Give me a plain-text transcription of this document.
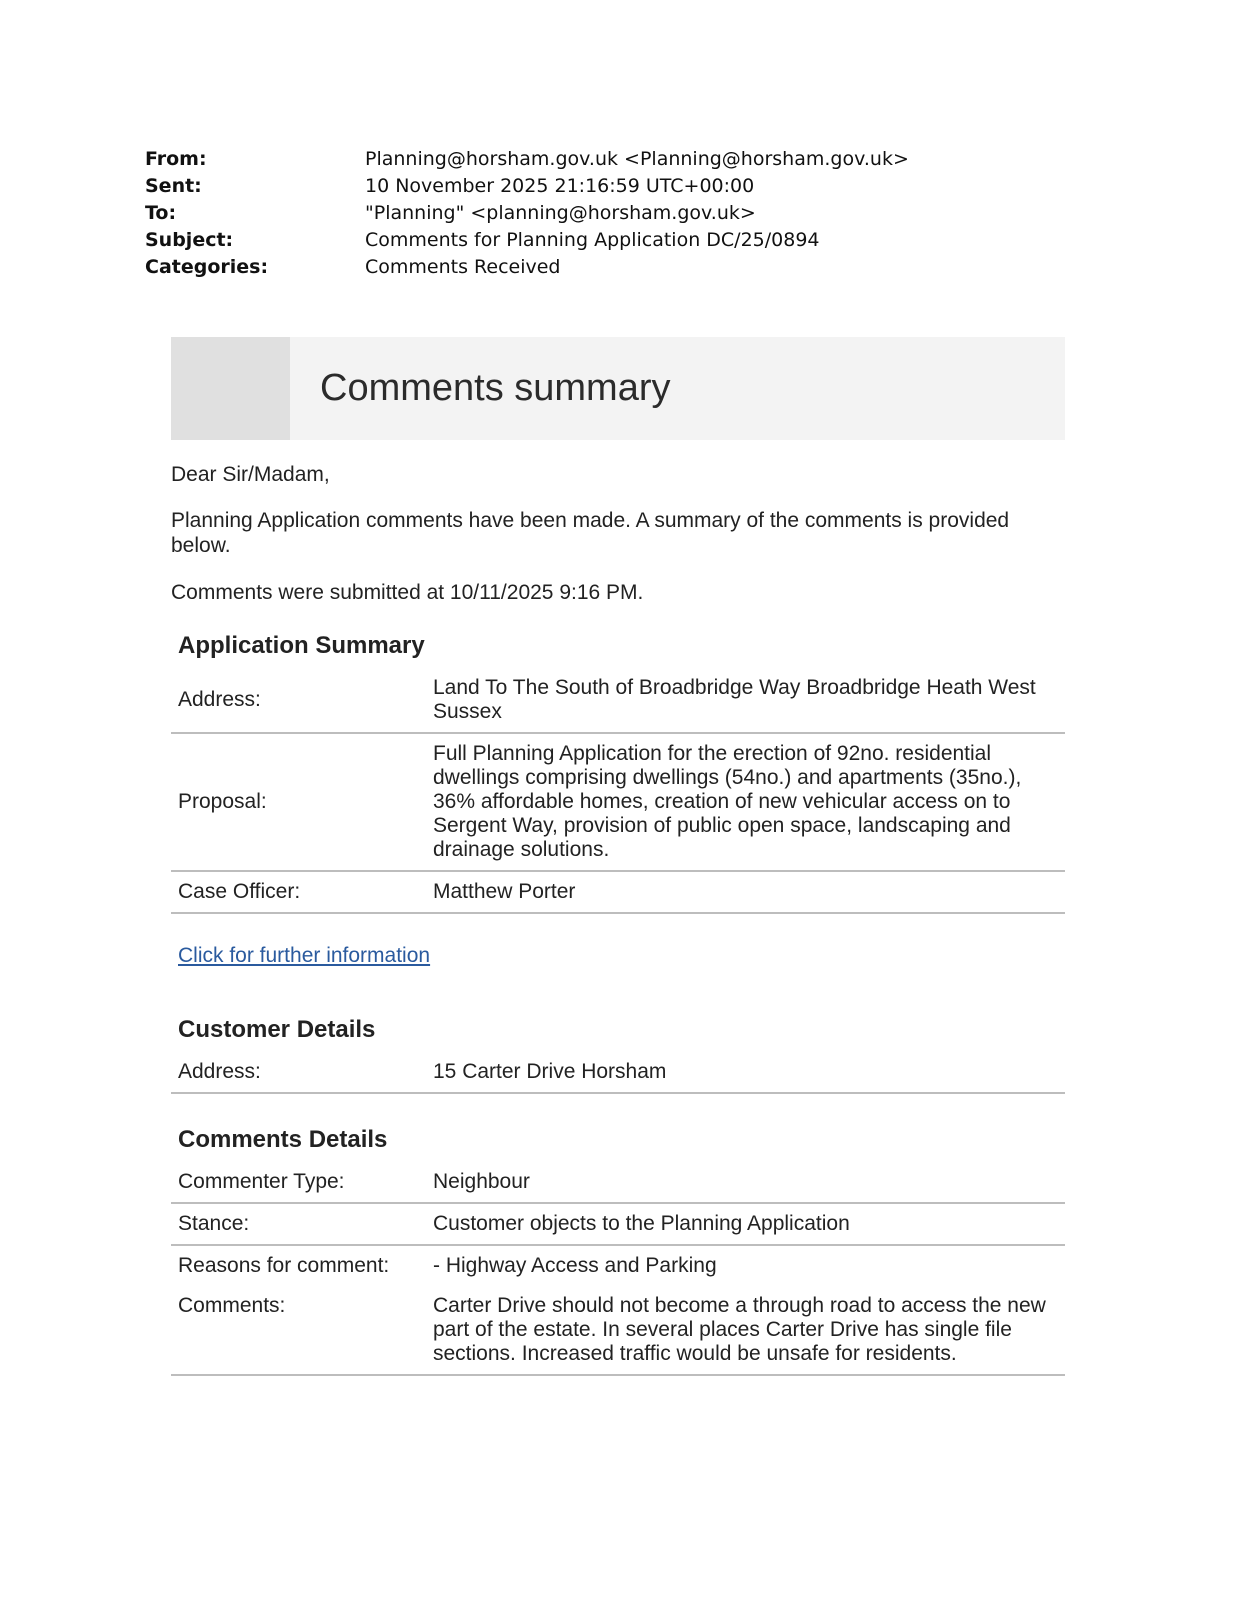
From:	Planning@horsham.gov.uk <Planning@horsham.gov.uk>
Sent:	10 November 2025 21:16:59 UTC+00:00
To:	"Planning" <planning@horsham.gov.uk>
Subject:	Comments for Planning Application DC/25/0894
Categories:	Comments Received
Comments summary
Dear Sir/Madam,
Planning Application comments have been made. A summary of the comments is provided below.
Comments were submitted at 10/11/2025 9:16 PM.
Application Summary
Address:	Land To The South of Broadbridge Way Broadbridge Heath West Sussex
Proposal:	Full Planning Application for the erection of 92no. residential dwellings comprising dwellings (54no.) and apartments (35no.), 36% affordable homes, creation of new vehicular access on to Sergent Way, provision of public open space, landscaping and drainage solutions.
Case Officer:	Matthew Porter
Click for further information
Customer Details
Address:	15 Carter Drive Horsham
Comments Details
Commenter Type:	Neighbour
Stance:	Customer objects to the Planning Application
Reasons for comment:	- Highway Access and Parking
Comments:	Carter Drive should not become a through road to access the new part of the estate. In several places Carter Drive has single file sections. Increased traffic would be unsafe for residents.
